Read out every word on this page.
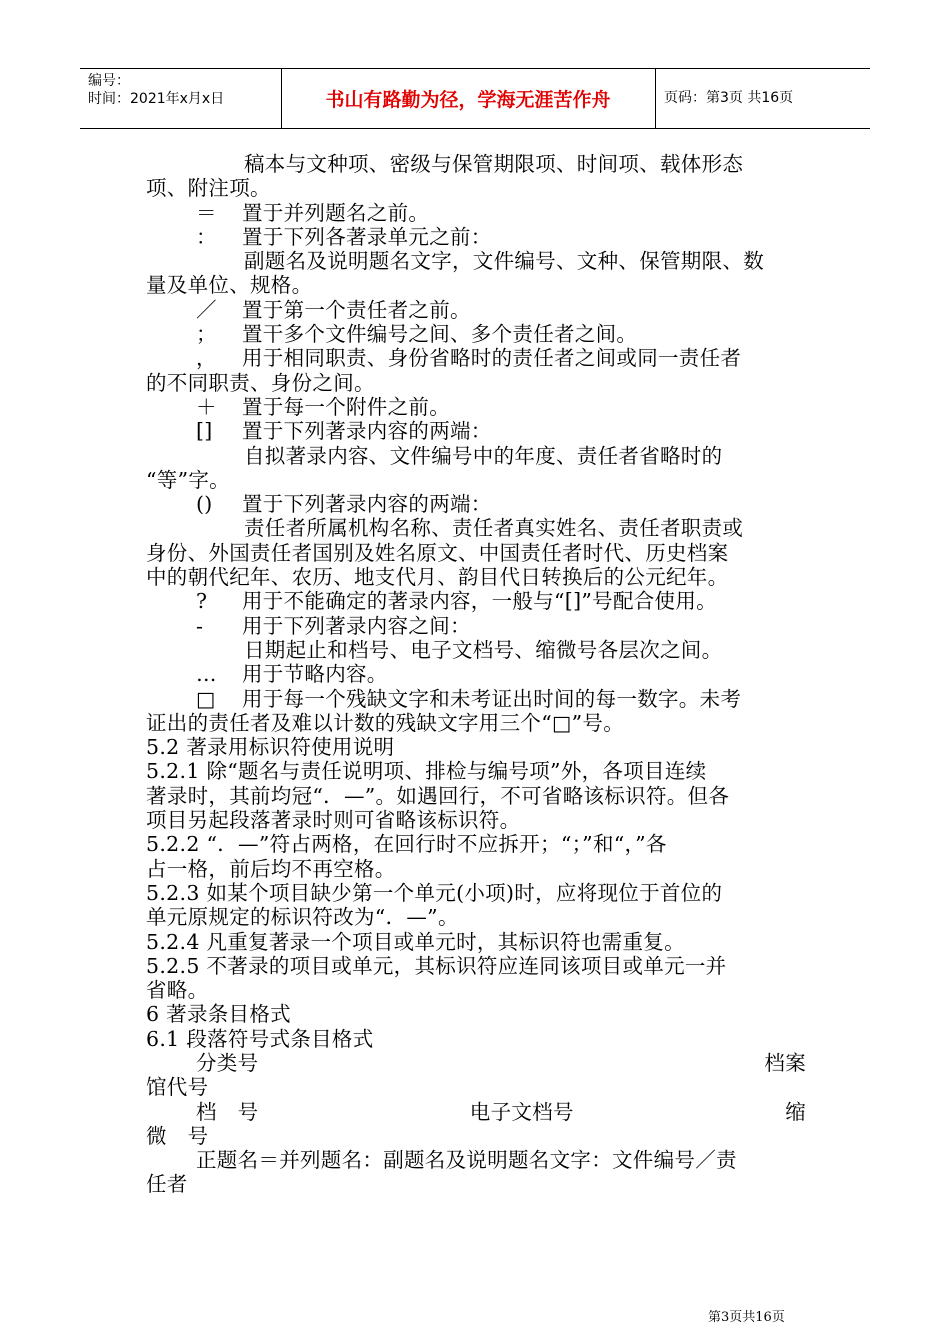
编号：
时间：2021年x月x日	书山有路勤为径，学海无涯苦作舟	页码：第3页 共16页
稿本与文种项、密级与保管期限项、时间项、载体形态
项、附注项。
＝ 置于并列题名之前。
： 置于下列各著录单元之前：
副题名及说明题名文字，文件编号、文种、保管期限、数
量及单位、规格。
／ 置于第一个责任者之前。
； 置干多个文件编号之间、多个责任者之间。
， 用于相同职责、身份省略时的责任者之间或同一责任者
的不同职责、身份之间。
＋ 置于每一个附件之前。
[] 置于下列著录内容的两端：
自拟著录内容、文件编号中的年度、责任者省略时的
“等”字。
() 置于下列著录内容的两端：
责任者所属机构名称、责任者真实姓名、责任者职责或
身份、外国责任者国别及姓名原文、中国责任者时代、历史档案
中的朝代纪年、农历、地支代月、韵目代日转换后的公元纪年。
? 用于不能确定的著录内容，一般与“[]”号配合使用。
- 用于下列著录内容之间：
日期起止和档号、电子文档号、缩微号各层次之间。
… 用于节略内容。
□ 用于每一个残缺文字和未考证出时间的每一数字。未考
证出的责任者及难以计数的残缺文字用三个“□”号。
5.2 著录用标识符使用说明
5.2.1 除“题名与责任说明项、排检与编号项”外，各项目连续
著录时，其前均冠“．—”。如遇回行，不可省略该标识符。但各
项目另起段落著录时则可省略该标识符。
5.2.2 “．—”符占两格，在回行时不应拆开；“；”和“，”各
占一格，前后均不再空格。
5.2.3 如某个项目缺少第一个单元(小项)时，应将现位于首位的
单元原规定的标识符改为“．—”。
5.2.4 凡重复著录一个项目或单元时，其标识符也需重复。
5.2.5 不著录的项目或单元，其标识符应连同该项目或单元一并
省略。
6 著录条目格式
6.1 段落符号式条目格式
分类号	档案
馆代号
档　号	电子文档号	缩
微　号
正题名＝并列题名：副题名及说明题名文字：文件编号／责
任者
第3页共16页
